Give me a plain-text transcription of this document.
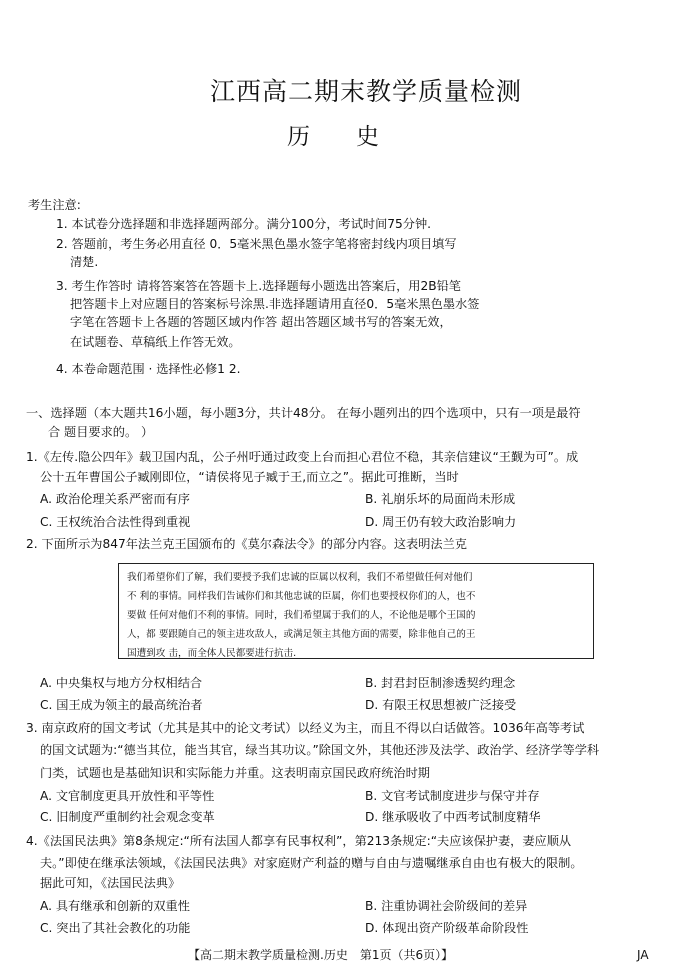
江西高二期末教学质量检测
历　　史
考生注意:
1. 本试卷分选择题和非选择题两部分。满分100分，考试时间75分钟.
2. 答题前，考生务必用直径 0．5毫米黑色墨水签字笔将密封线内项目填写
清楚.
3. 考生作答时 请将答案答在答题卡上.选择题每小题选出答案后，用2B铅笔
把答题卡上对应题目的答案标号涂黑.非选择题请用直径0．5毫米黑色墨水签
字笔在答题卡上各题的答题区域内作答 超出答题区域书写的答案无效，
在试题卷、草稿纸上作答无效。
4. 本卷命题范围 · 选择性必修1 2.
一、选择题（本大题共16小题，每小题3分，共计48分。 在每小题列出的四个选项中，只有一项是最符
合 题目要求的。 ）
1.《左传.隐公四年》载卫国内乱，公子州吁通过政变上台而担心君位不稳，其亲信建议“王觐为可”。成
公十五年曹国公子臧刚即位，“请侯将见子臧于王,而立之”。据此可推断，当时
A. 政治伦理关系严密而有序	B. 礼崩乐坏的局面尚未形成
C. 王权统治合法性得到重视	D. 周王仍有较大政治影响力
2. 下面所示为847年法兰克王国颁布的《莫尔森法令》的部分内容。这表明法兰克
我们希望你们了解，我们要授予我们忠诚的臣属以权利，我们不希望做任何对他们
不 利的事情。同样我们告诫你们和其他忠诚的臣属，你们也要授权你们的人，也不
要做 任何对他们不利的事情。同时，我们希望属于我们的人，不论他是哪个王国的
人，都 要跟随自己的领主进攻敌人，或满足领主其他方面的需要，除非他自己的王
国遭到攻 击，而全体人民都要进行抗击.
A. 中央集权与地方分权相结合	B. 封君封臣制渗透契约理念
C. 国王成为领主的最高统治者	D. 有限王权思想被广泛接受
3. 南京政府的国文考试（尤其是其中的论文考试）以经义为主，而且不得以白话做答。1036年高等考试
的国文试题为:“德当其位，能当其官，绿当其功议。”除国文外，其他还涉及法学、政治学、经济学等学科
门类，试题也是基础知识和实际能力并重。这表明南京国民政府统治时期
A. 文官制度更具开放性和平等性	B. 文官考试制度进步与保守并存
C. 旧制度严重制约社会观念变革	D. 继承吸收了中西考试制度精华
4.《法国民法典》第8条规定:“所有法国人都享有民事权利”，第213条规定:“夫应该保护妻，妻应顺从
夫。”即使在继承法领域，《法国民法典》对家庭财产利益的赠与自由与遗嘱继承自由也有极大的限制。
据此可知，《法国民法典》
A. 具有继承和创新的双重性	B. 注重协调社会阶级间的差异
C. 突出了其社会教化的功能	D. 体现出资产阶级革命阶段性
【高二期末教学质量检测.历史　第1页（共6页）】	JA
